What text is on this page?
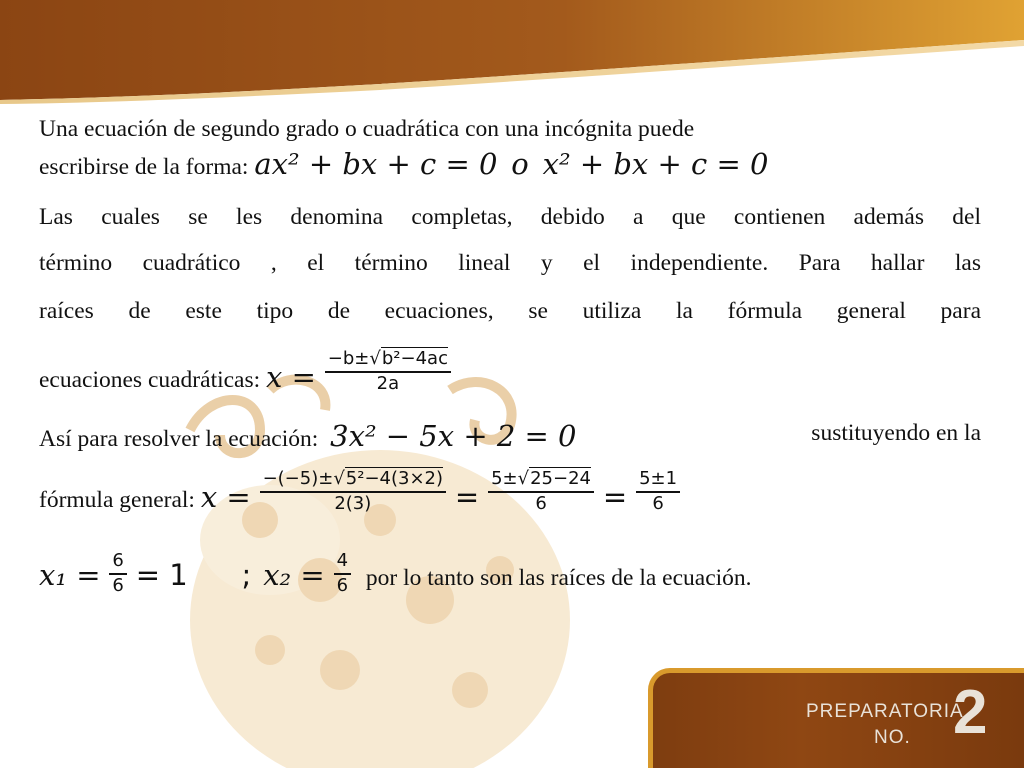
Una ecuación de segundo grado o cuadrática con una incógnita puede
escribirse de la forma: ax² + bx + c = 0 o x² + bx + c = 0
Las cuales se les denomina completas, debido a que contienen además del
término cuadrático , el término lineal y el independiente. Para hallar las
raíces de este tipo de ecuaciones, se utiliza la fórmula general para
ecuaciones cuadráticas: $x = \frac{\text{−b±√b²−4ac}}{2a}$
Así para resolver la ecuación: 3x² − 5x + 2 = 0	sustituyendo en la
fórmula general: $x = \frac{\text{−(−5)±√5²−4(3×2)}}{2(3)} = \frac{5\pm√25-24}{6} = \frac{5\pm 1}{6}$
$x_1 = \frac{6}{6} = 1$ ; $x_2 = \frac{4}{6}$ por lo tanto son las raíces de la ecuación.
PREPARATORIA
NO. 2
